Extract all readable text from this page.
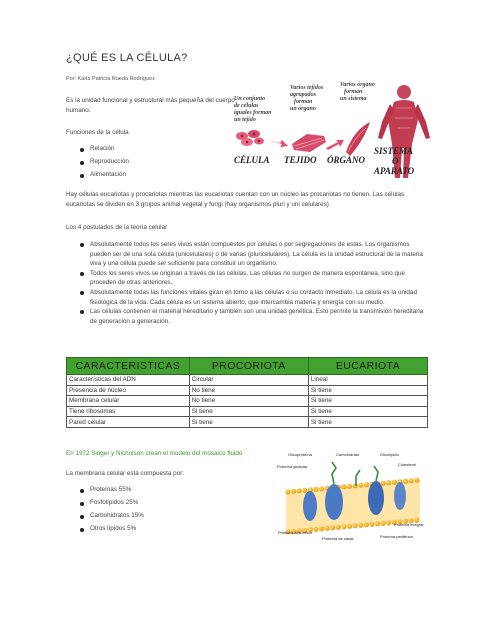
¿QUÉ ES LA CÉLULA?
Por: Karla Patricia Rueda Rodríguez
Es la unidad funcional y estructural más pequeña del cuerpo humano.
Funciones de la célula
Relación
Reproducción
Alimentación
Un conjunto
de células
iguales forman
un tejido
Varios tejidos
agrupados
forman
un órgano
Varios órgano
forman
un sistema
CÉLULA TEJIDO ÓRGANO
SISTEMA
O
APARATO
Hay células eucariotas y procariotas mientras las eucariotas cuentan con un núcleo las procariotas no tienen. Las células eucariotas se dividen en 3 grupos animal vegetal y fungi (hay organismos pluri y uni celulares)
Los 4 postulados de la teoría celular
Absolutamente todos los seres vivos están compuestos por células o por segregaciones de estas. Los organismos pueden ser de una sola célula (unicelulares) o de varias (pluricelulares). La célula es la unidad estructural de la materia viva y una célula puede ser suficiente para constituir un organismo.
Todos los seres vivos se originan a través de las células. Las células no surgen de manera espontánea, sino que proceden de otras anteriores.
Absolutamente todas las funciones vitales giran en torno a las células o su contacto inmediato. La célula es la unidad fisiológica de la vida. Cada célula es un sistema abierto, que intercambia materia y energía con su medio.
Las células contienen el material hereditario y también son una unidad genética. Esto permite la transmisión hereditaria de generación a generación.
CARACTERISTICAS	PROCORIOTA	EUCARIOTA
Características del ADN	Circular	Lineal
Presencia de núcleo	No tiene	Si tiene
Membrana celular	No tiene	Si tiene
Tiene ribosomas	Si tiene	Si tiene
Pared celular	Si tiene	Si tiene
En 1972 Singer y Nicholson crean el modelo del mosaico fluido
La membrana celular está compuesta por:
Proteínas 55%
Fosfolípidos 25%
Carbohidratos 15%
Otros lípidos 5%
Glicoproteína	Carbohidrato	Glicolípido
Colesterol
Proteína globular
Proteína integral
Proteína alfa-hélice
Proteína de canal	Proteína periférica
